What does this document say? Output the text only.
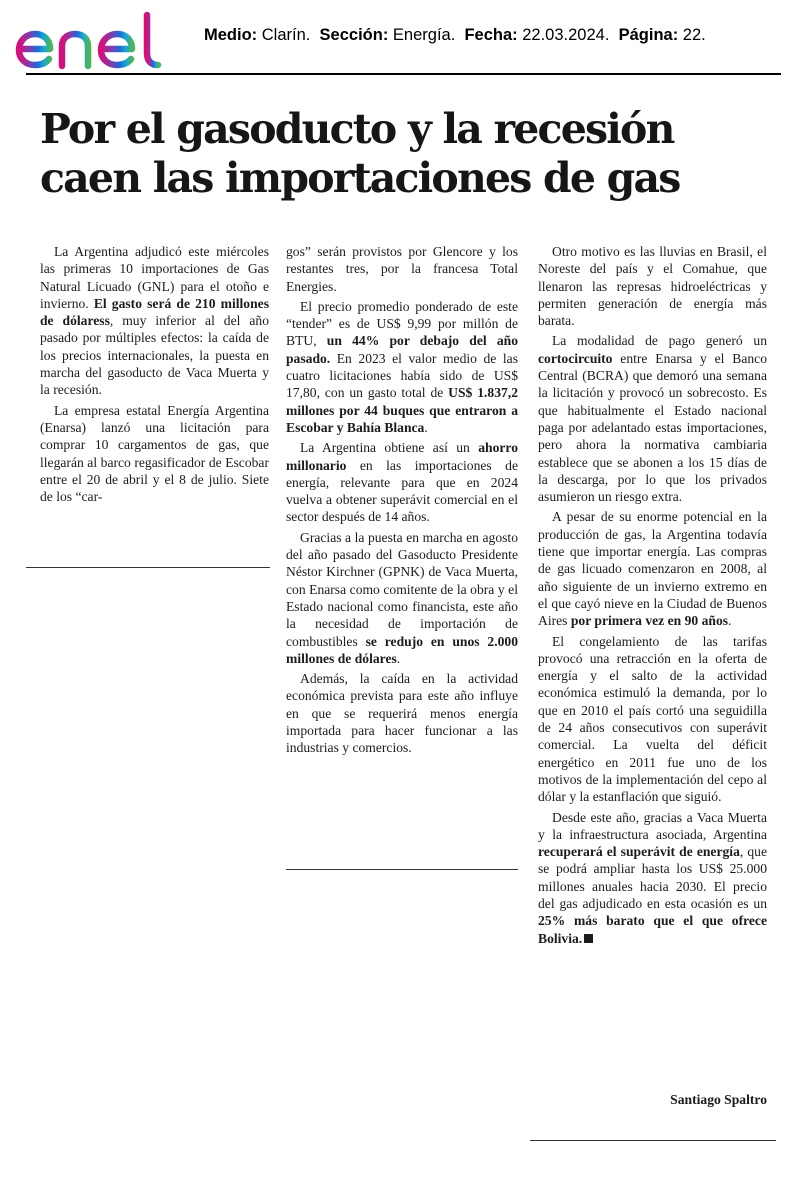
Medio: Clarín. Sección: Energía. Fecha: 22.03.2024. Página: 22.
Por el gasoducto y la recesión
caen las importaciones de gas

La Argentina adjudicó este miércoles las primeras 10 importaciones de Gas Natural Licuado (GNL) para el otoño e invierno. El gasto será de 210 millones de dólaress, muy inferior al del año pasado por múltiples efectos: la caída de los precios internacionales, la puesta en marcha del gasoducto de Vaca Muerta y la recesión.

La empresa estatal Energía Argentina (Enarsa) lanzó una licitación para comprar 10 cargamentos de gas, que llegarán al barco regasificador de Escobar entre el 20 de abril y el 8 de julio. Siete de los “car-

gos” serán provistos por Glencore y los restantes tres, por la francesa Total Energies.

El precio promedio ponderado de este “tender” es de US$ 9,99 por millón de BTU, un 44% por debajo del año pasado. En 2023 el valor medio de las cuatro licitaciones había sido de US$ 17,80, con un gasto total de US$ 1.837,2 millones por 44 buques que entraron a Escobar y Bahía Blanca.

La Argentina obtiene así un ahorro millonario en las importaciones de energía, relevante para que en 2024 vuelva a obtener superávit comercial en el sector después de 14 años.

Gracias a la puesta en marcha en agosto del año pasado del Gasoducto Presidente Néstor Kirchner (GPNK) de Vaca Muerta, con Enarsa como comitente de la obra y el Estado nacional como financista, este año la necesidad de importación de combustibles se redujo en unos 2.000 millones de dólares.

Además, la caída en la actividad económica prevista para este año influye en que se requerirá menos energía importada para hacer funcionar a las industrias y comercios.

Otro motivo es las lluvias en Brasil, el Noreste del país y el Comahue, que llenaron las represas hidroeléctricas y permiten generación de energía más barata.

La modalidad de pago generó un cortocircuito entre Enarsa y el Banco Central (BCRA) que demoró una semana la licitación y provocó un sobrecosto. Es que habitualmente el Estado nacional paga por adelantado estas importaciones, pero ahora la normativa cambiaria establece que se abonen a los 15 días de la descarga, por lo que los privados asumieron un riesgo extra.

A pesar de su enorme potencial en la producción de gas, la Argentina todavía tiene que importar energía. Las compras de gas licuado comenzaron en 2008, al año siguiente de un invierno extremo en el que cayó nieve en la Ciudad de Buenos Aires por primera vez en 90 años.

El congelamiento de las tarifas provocó una retracción en la oferta de energía y el salto de la actividad económica estimuló la demanda, por lo que en 2010 el país cortó una seguidilla de 24 años consecutivos con superávit comercial. La vuelta del déficit energético en 2011 fue uno de los motivos de la implementación del cepo al dólar y la estanflación que siguió.

Desde este año, gracias a Vaca Muerta y la infraestructura asociada, Argentina recuperará el superávit de energía, que se podrá ampliar hasta los US$ 25.000 millones anuales hacia 2030. El precio del gas adjudicado en esta ocasión es un 25% más barato que el que ofrece Bolivia.

Santiago Spaltro
